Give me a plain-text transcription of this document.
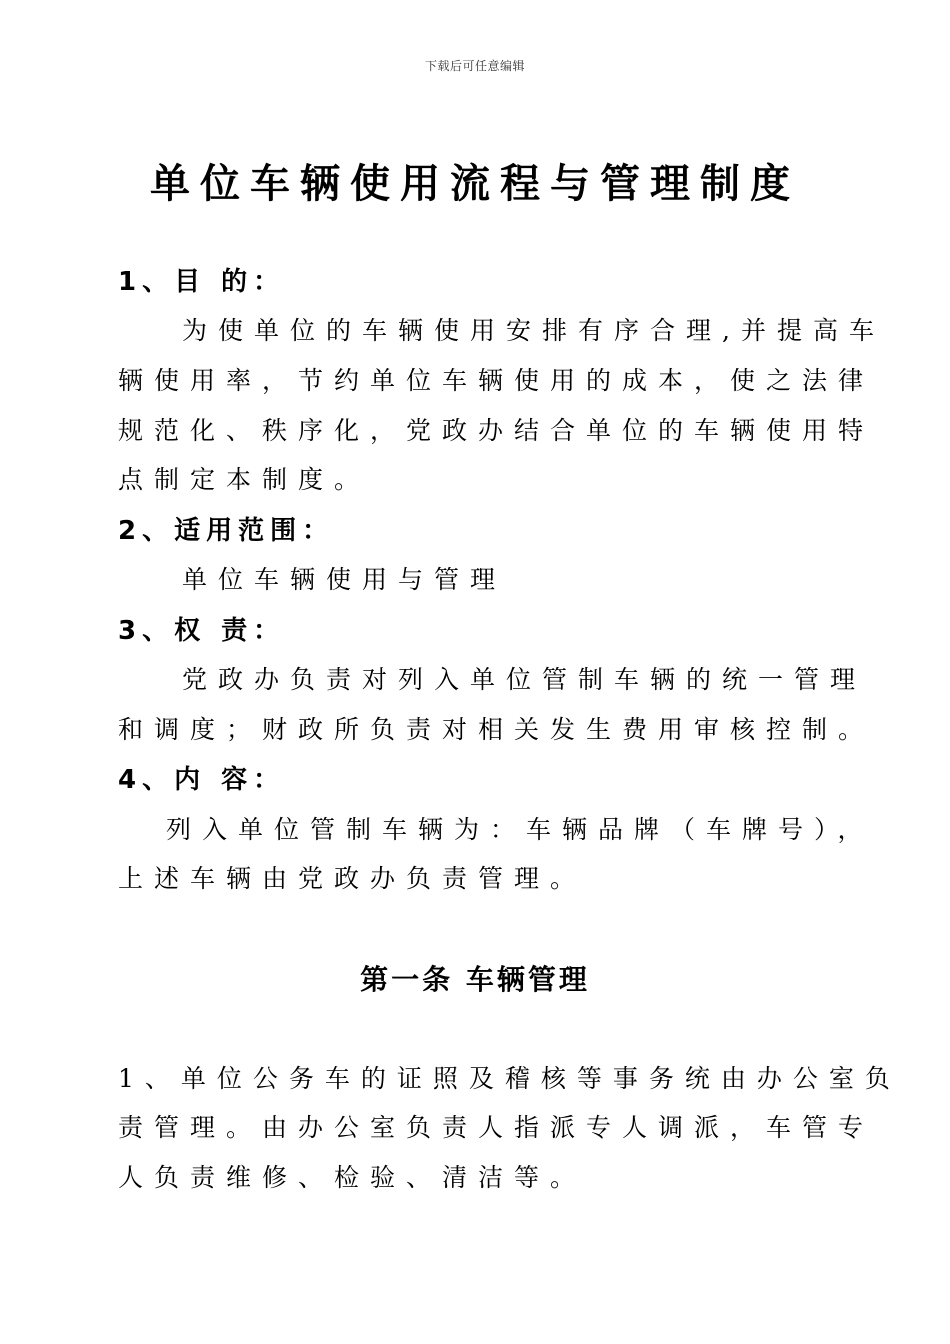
下载后可任意编辑
单位车辆使用流程与管理制度
1、目 的：
为使单位的车辆使用安排有序合理,并提高车
辆使用率，节约单位车辆使用的成本，使之法律
规范化、秩序化，党政办结合单位的车辆使用特
点制定本制度。
2、适用范围：
单位车辆使用与管理
3、权 责：
党政办负责对列入单位管制车辆的统一管理
和调度；财政所负责对相关发生费用审核控制。
4、内 容：
列入单位管制车辆为：车辆品牌（车牌号），
上述车辆由党政办负责管理。
第一条 车辆管理
1、单位公务车的证照及稽核等事务统由办公室负
责管理。由办公室负责人指派专人调派，车管专
人负责维修、检验、清洁等。
